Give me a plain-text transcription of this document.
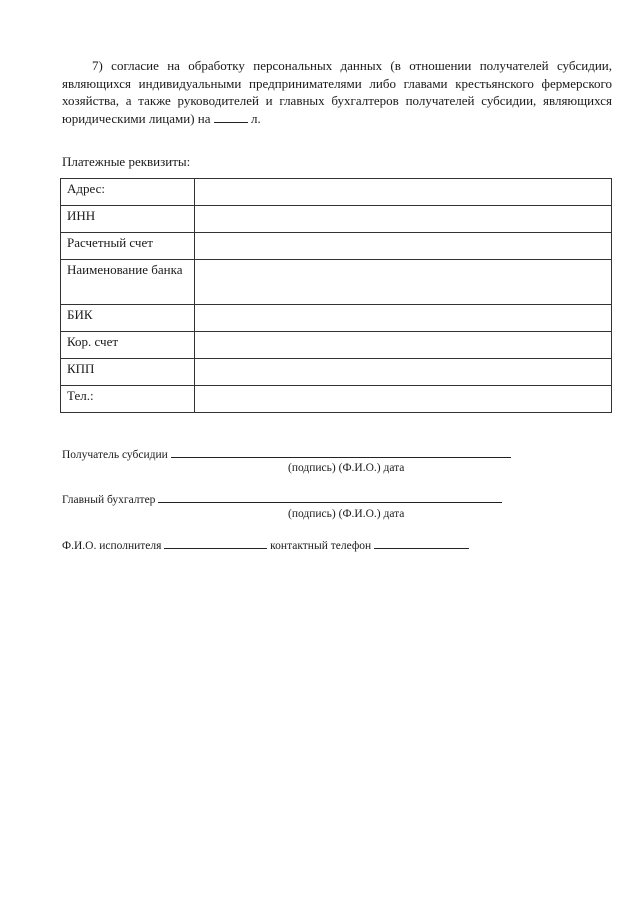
7) согласие на обработку персональных данных (в отношении получателей субсидии, являющихся индивидуальными предпринимателями либо главами крестьянского фермерского хозяйства, а также руководителей и главных бухгалтеров получателей субсидии, являющихся юридическими лицами) на	л.

Платежные реквизиты:

Адрес:	
ИНН	
Расчетный счет	
Наименование банка	
БИК	
Кор. счет	
КПП	
Тел.:	
Получатель субсидии
(подпись) (Ф.И.О.) дата
Главный бухгалтер
(подпись) (Ф.И.О.) дата
Ф.И.О. исполнителя	контактный телефон
